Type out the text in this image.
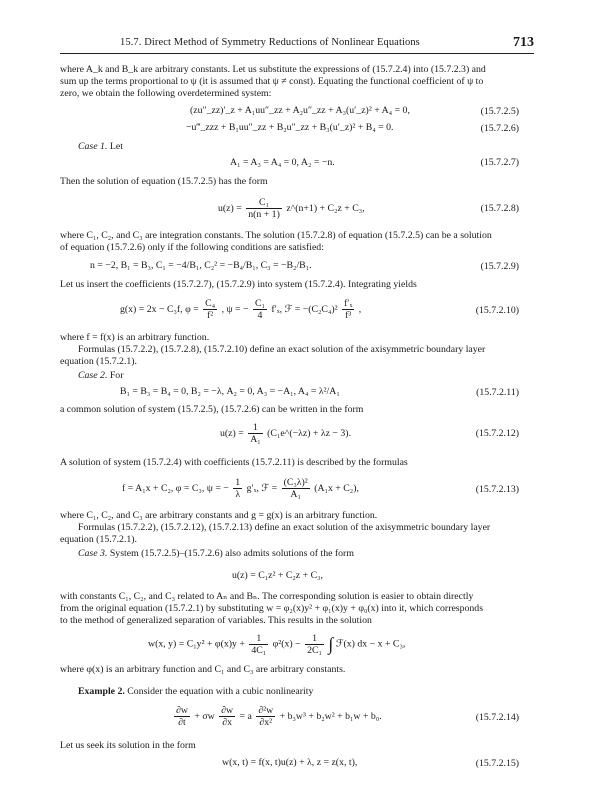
15.7. Direct Method of Symmetry Reductions of Nonlinear Equations	713
where A_k and B_k are arbitrary constants. Let us substitute the expressions of (15.7.2.4) into (15.7.2.3) and
sum up the terms proportional to ψ (it is assumed that ψ ≠ const). Equating the functional coefficient of ψ to
zero, we obtain the following overdetermined system:
(zu″_zz)′_z + A₁uu″_zz + A₂u″_zz + A₃(u′_z)² + A₄ = 0,	(15.7.2.5)
−u‴_zzz + B₁uu″_zz + B₂u″_zz + B₃(u′_z)² + B₄ = 0.	(15.7.2.6)
Case 1. Let
A₁ = A₃ = A₄ = 0, A₂ = −n.	(15.7.2.7)
Then the solution of equation (15.7.2.5) has the form
$u(z) = \frac{\text{C₁}}{n(n + 1)}$ z^(n+1) + C₂z + C₃,	(15.7.2.8)
where C₁, C₂, and C₃ are integration constants. The solution (15.7.2.8) of equation (15.7.2.5) can be a solution
of equation (15.7.2.6) only if the following conditions are satisfied:
n = −2, B₁ = B₃, C₁ = −4/B₁, C₂² = −B₄/B₁, C₃ = −B₂/B₁.	(15.7.2.9)
Let us insert the coefficients (15.7.2.7), (15.7.2.9) into system (15.7.2.4). Integrating yields
g(x) = 2x − C₃f, $\varphi = \frac{\text{C₄}}{\text{f²}}$ , ψ = − $\frac{\text{C₁}}{4} f'_x$, ℱ = $-(C_2C_4)^2 \frac{\text{f′ₓ}}{\text{f³}}$ ,	(15.7.2.10)
where f = f(x) is an arbitrary function.
Formulas (15.7.2.2), (15.7.2.8), (15.7.2.10) define an exact solution of the axisymmetric boundary layer
equation (15.7.2.1).
Case 2. For
B₁ = B₃ = B₄ = 0, B₂ = −λ, A₂ = 0, A₃ = −A₁, A₄ = λ²/A₁	(15.7.2.11)
a common solution of system (15.7.2.5), (15.7.2.6) can be written in the form
$u(z) = \frac{1}{\text{A₁}}$ (C₁e^(−λz) + λz − 3).	(15.7.2.12)
A solution of system (15.7.2.4) with coefficients (15.7.2.11) is described by the formulas
f = A₁x + C₂, φ = C₃, ψ = − $\frac{1}{\lambda} g'_x$, ℱ = $\frac{\text{(C₃λ)²}}{\text{A₁}} (A_1x + C_2)$,	(15.7.2.13)
where C₁, C₂, and C₃ are arbitrary constants and g = g(x) is an arbitrary function.
Formulas (15.7.2.2), (15.7.2.12), (15.7.2.13) define an exact solution of the axisymmetric boundary layer
equation (15.7.2.1).
Case 3. System (15.7.2.5)–(15.7.2.6) also admits solutions of the form
u(z) = C₁z² + C₂z + C₃,
with constants C₁, C₂, and C₃ related to Aₙ and Bₙ. The corresponding solution is easier to obtain directly
from the original equation (15.7.2.1) by substituting w = φ₂(x)y² + φ₁(x)y + φ₀(x) into it, which corresponds
to the method of generalized separation of variables. This results in the solution
w(x, $y) = C_1y^2 + \varphi(x)y + \frac{1}{\text{4C₁}} \varphi^2(x) - \frac{1}{\text{2C₁}}$ ∫ ℱ(x) dx − x + C₃,
where φ(x) is an arbitrary function and C₁ and C₃ are arbitrary constants.
Example 2. Consider the equation with a cubic nonlinearity
$\frac{\partial w}{\partial t} + \sigma w \frac{\partial w}{\partial x} = a \frac{\text{∂²w}}{\text{∂x²}} + b_3w^3 + b_2w^2 + b_1w + b_0$.	(15.7.2.14)
Let us seek its solution in the form
w(x, t) = f(x, t)u(z) + λ, z = z(x, t),	(15.7.2.15)
